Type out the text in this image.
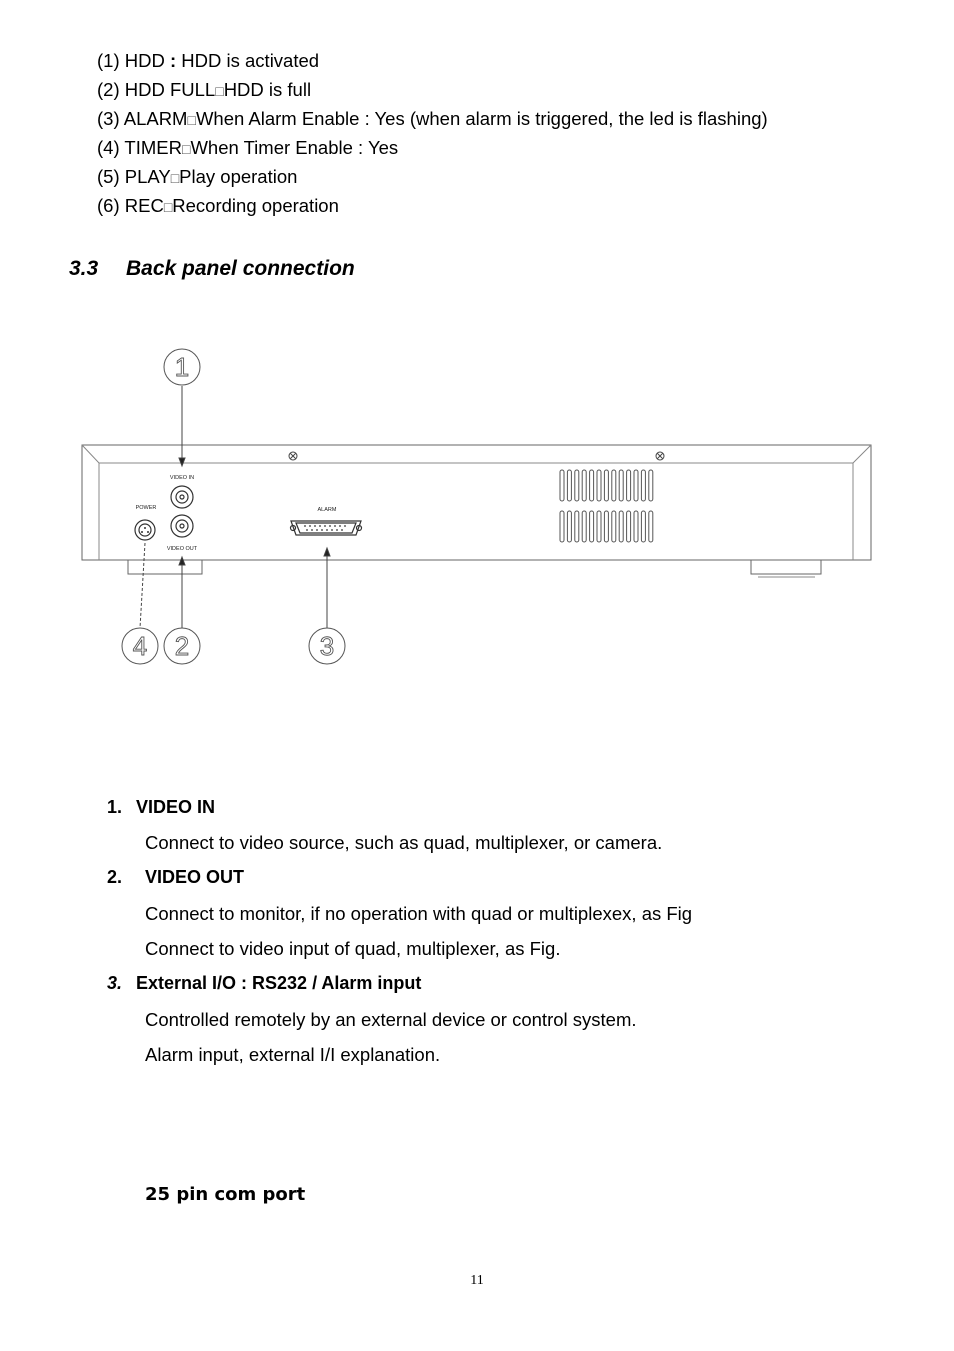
(1) HDD : HDD is activated
(2) HDD FULL□HDD is full
(3) ALARM□When Alarm Enable : Yes (when alarm is triggered, the led is flashing)
(4) TIMER□When Timer Enable : Yes
(5) PLAY□Play operation
(6) REC□Recording operation
3.3 Back panel connection
VIDEO IN
VIDEO OUT
POWER	ALARM
1
4 2	3
1. VIDEO IN
Connect to video source, such as quad, multiplexer, or camera.
2. VIDEO OUT
Connect to monitor, if no operation with quad or multiplexex, as Fig
Connect to video input of quad, multiplexer, as Fig.
3. External I/O : RS232 / Alarm input
Controlled remotely by an external device or control system.
Alarm input, external I/I explanation.
25 pin com port
11
